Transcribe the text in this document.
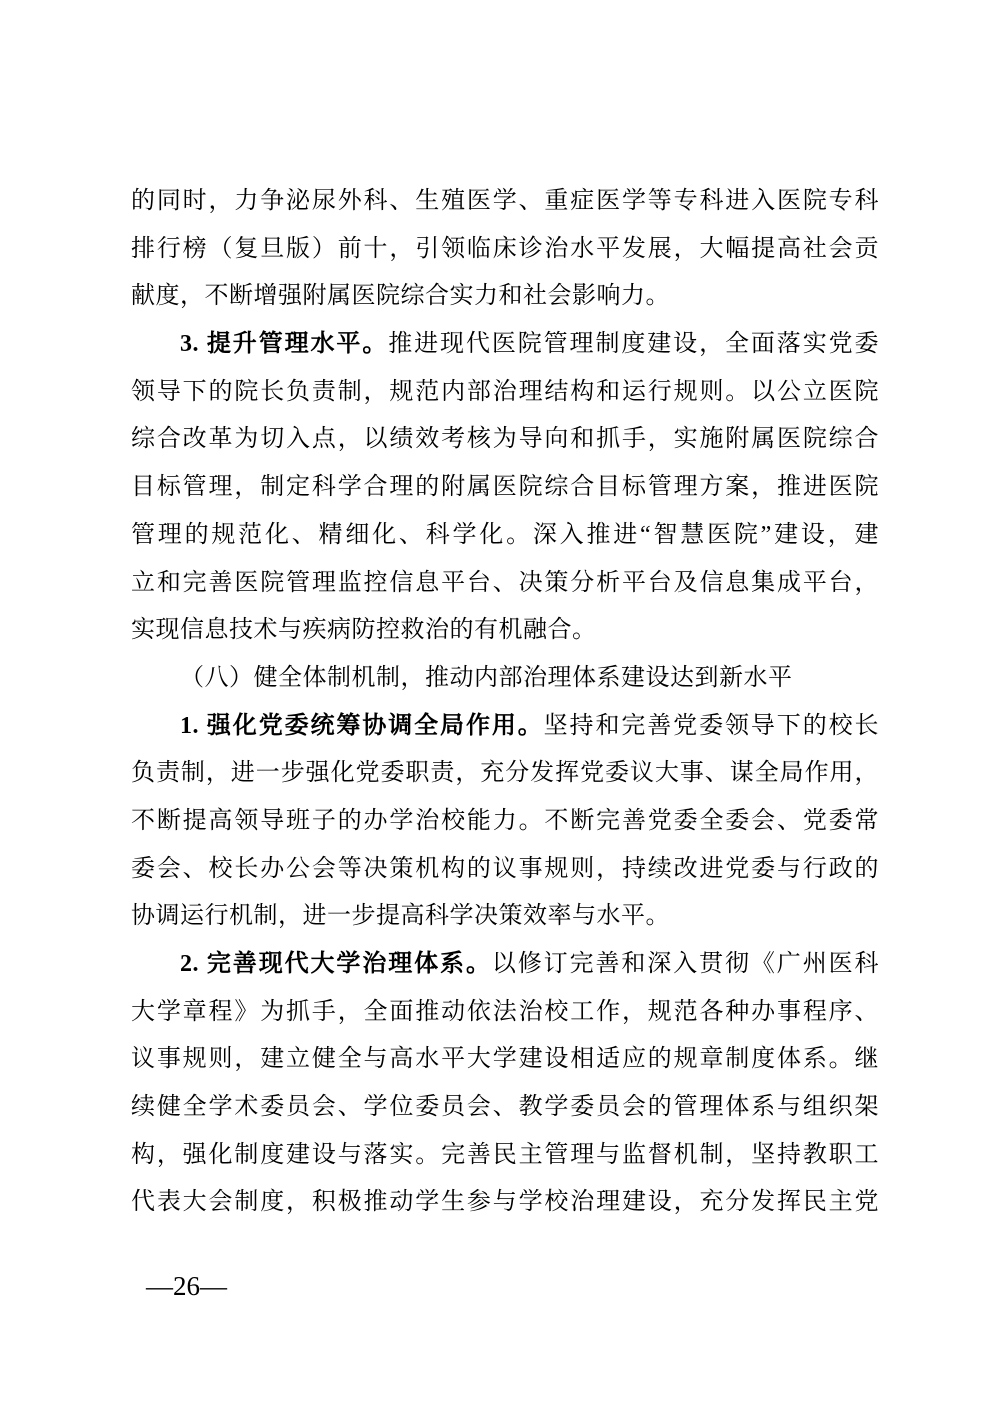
的同时，力争泌尿外科、生殖医学、重症医学等专科进入医院专科
排行榜（复旦版）前十，引领临床诊治水平发展，大幅提高社会贡
献度，不断增强附属医院综合实力和社会影响力。
3. 提升管理水平。推进现代医院管理制度建设，全面落实党委
领导下的院长负责制，规范内部治理结构和运行规则。以公立医院
综合改革为切入点，以绩效考核为导向和抓手，实施附属医院综合
目标管理，制定科学合理的附属医院综合目标管理方案，推进医院
管理的规范化、精细化、科学化。深入推进“智慧医院”建设，建
立和完善医院管理监控信息平台、决策分析平台及信息集成平台，
实现信息技术与疾病防控救治的有机融合。
（八）健全体制机制，推动内部治理体系建设达到新水平
1. 强化党委统筹协调全局作用。坚持和完善党委领导下的校长
负责制，进一步强化党委职责，充分发挥党委议大事、谋全局作用，
不断提高领导班子的办学治校能力。不断完善党委全委会、党委常
委会、校长办公会等决策机构的议事规则，持续改进党委与行政的
协调运行机制，进一步提高科学决策效率与水平。
2. 完善现代大学治理体系。以修订完善和深入贯彻《广州医科
大学章程》为抓手，全面推动依法治校工作，规范各种办事程序、
议事规则，建立健全与高水平大学建设相适应的规章制度体系。继
续健全学术委员会、学位委员会、教学委员会的管理体系与组织架
构，强化制度建设与落实。完善民主管理与监督机制，坚持教职工
代表大会制度，积极推动学生参与学校治理建设，充分发挥民主党
—26—
